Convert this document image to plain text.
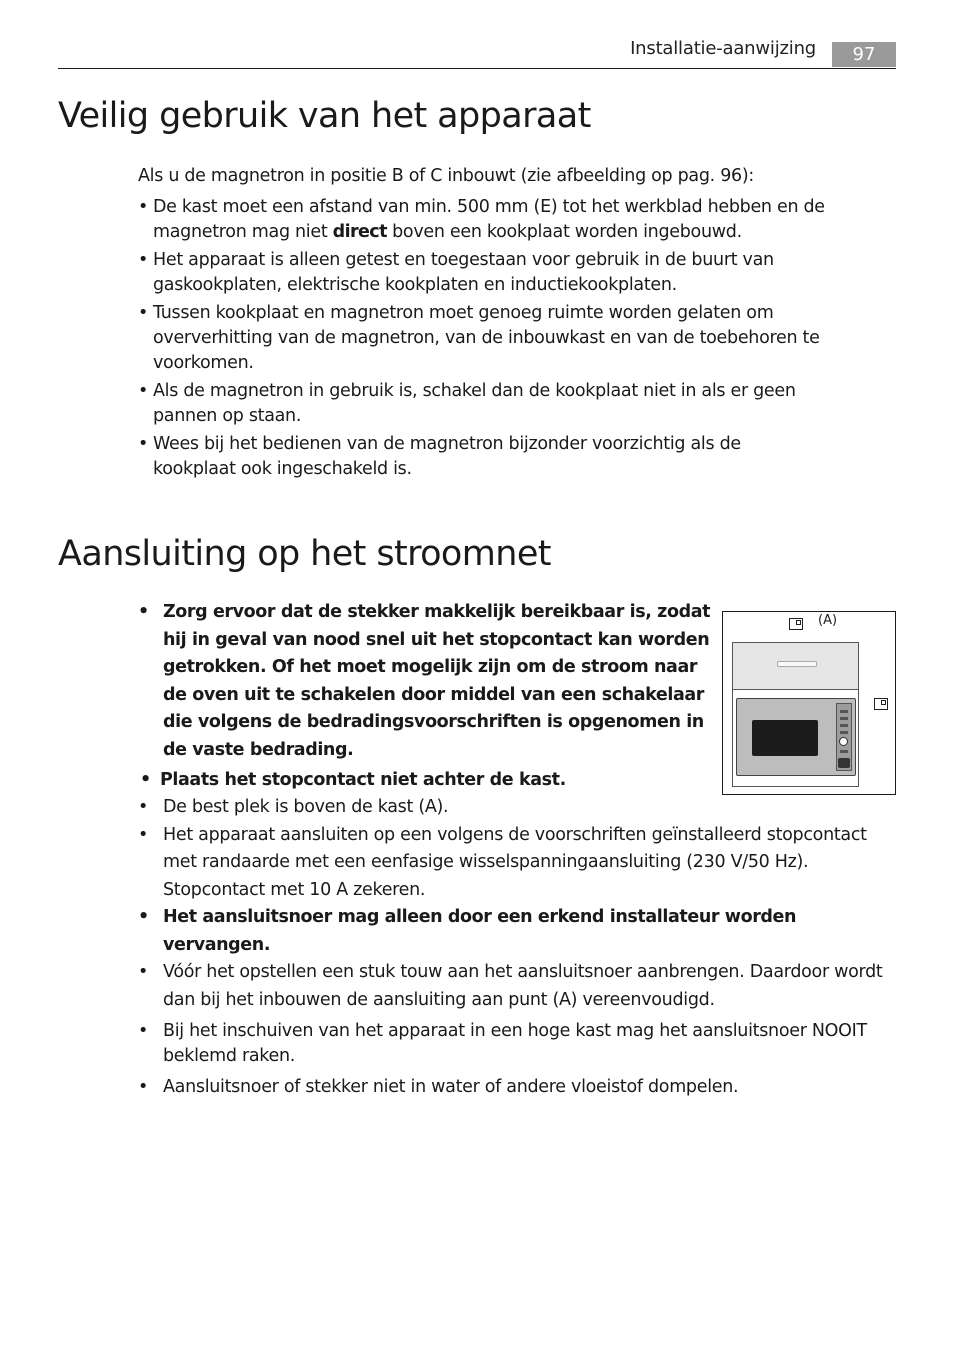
Installatie-aanwijzing	97
Veilig gebruik van het apparaat
Als u de magnetron in positie B of C inbouwt (zie afbeelding op pag. 96):
• De kast moet een afstand van min. 500 mm (E) tot het werkblad hebben en de magnetron mag niet direct boven een kookplaat worden ingebouwd.
• Het apparaat is alleen getest en toegestaan voor gebruik in de buurt van gaskookplaten, elektrische kookplaten en inductiekookplaten.
• Tussen kookplaat en magnetron moet genoeg ruimte worden gelaten om oververhitting van de magnetron, van de inbouwkast en van de toebehoren te voorkomen.
• Als de magnetron in gebruik is, schakel dan de kookplaat niet in als er geen pannen op staan.
• Wees bij het bedienen van de magnetron bijzonder voorzichtig als de kookplaat ook ingeschakeld is.
Aansluiting op het stroomnet
• Zorg ervoor dat de stekker makkelijk bereikbaar is, zodat hij in geval van nood snel uit het stopcontact kan worden getrokken. Of het moet mogelijk zijn om de stroom naar de oven uit te schakelen door middel van een schakelaar die volgens de bedradingsvoorschriften is opgenomen in de vaste bedrading.
• Plaats het stopcontact niet achter de kast.
• De best plek is boven de kast (A).
• Het apparaat aansluiten op een volgens de voorschriften geïnstalleerd stopcontact met randaarde met een eenfasige wisselspanningaansluiting (230 V/50 Hz). Stopcontact met 10 A zekeren.
• Het aansluitsnoer mag alleen door een erkend installateur worden vervangen.
• Vóór het opstellen een stuk touw aan het aansluitsnoer aanbrengen. Daardoor wordt dan bij het inbouwen de aansluiting aan punt (A) vereenvoudigd.
• Bij het inschuiven van het apparaat in een hoge kast mag het aansluitsnoer NOOIT beklemd raken.
• Aansluitsnoer of stekker niet in water of andere vloeistof dompelen.
(A)
